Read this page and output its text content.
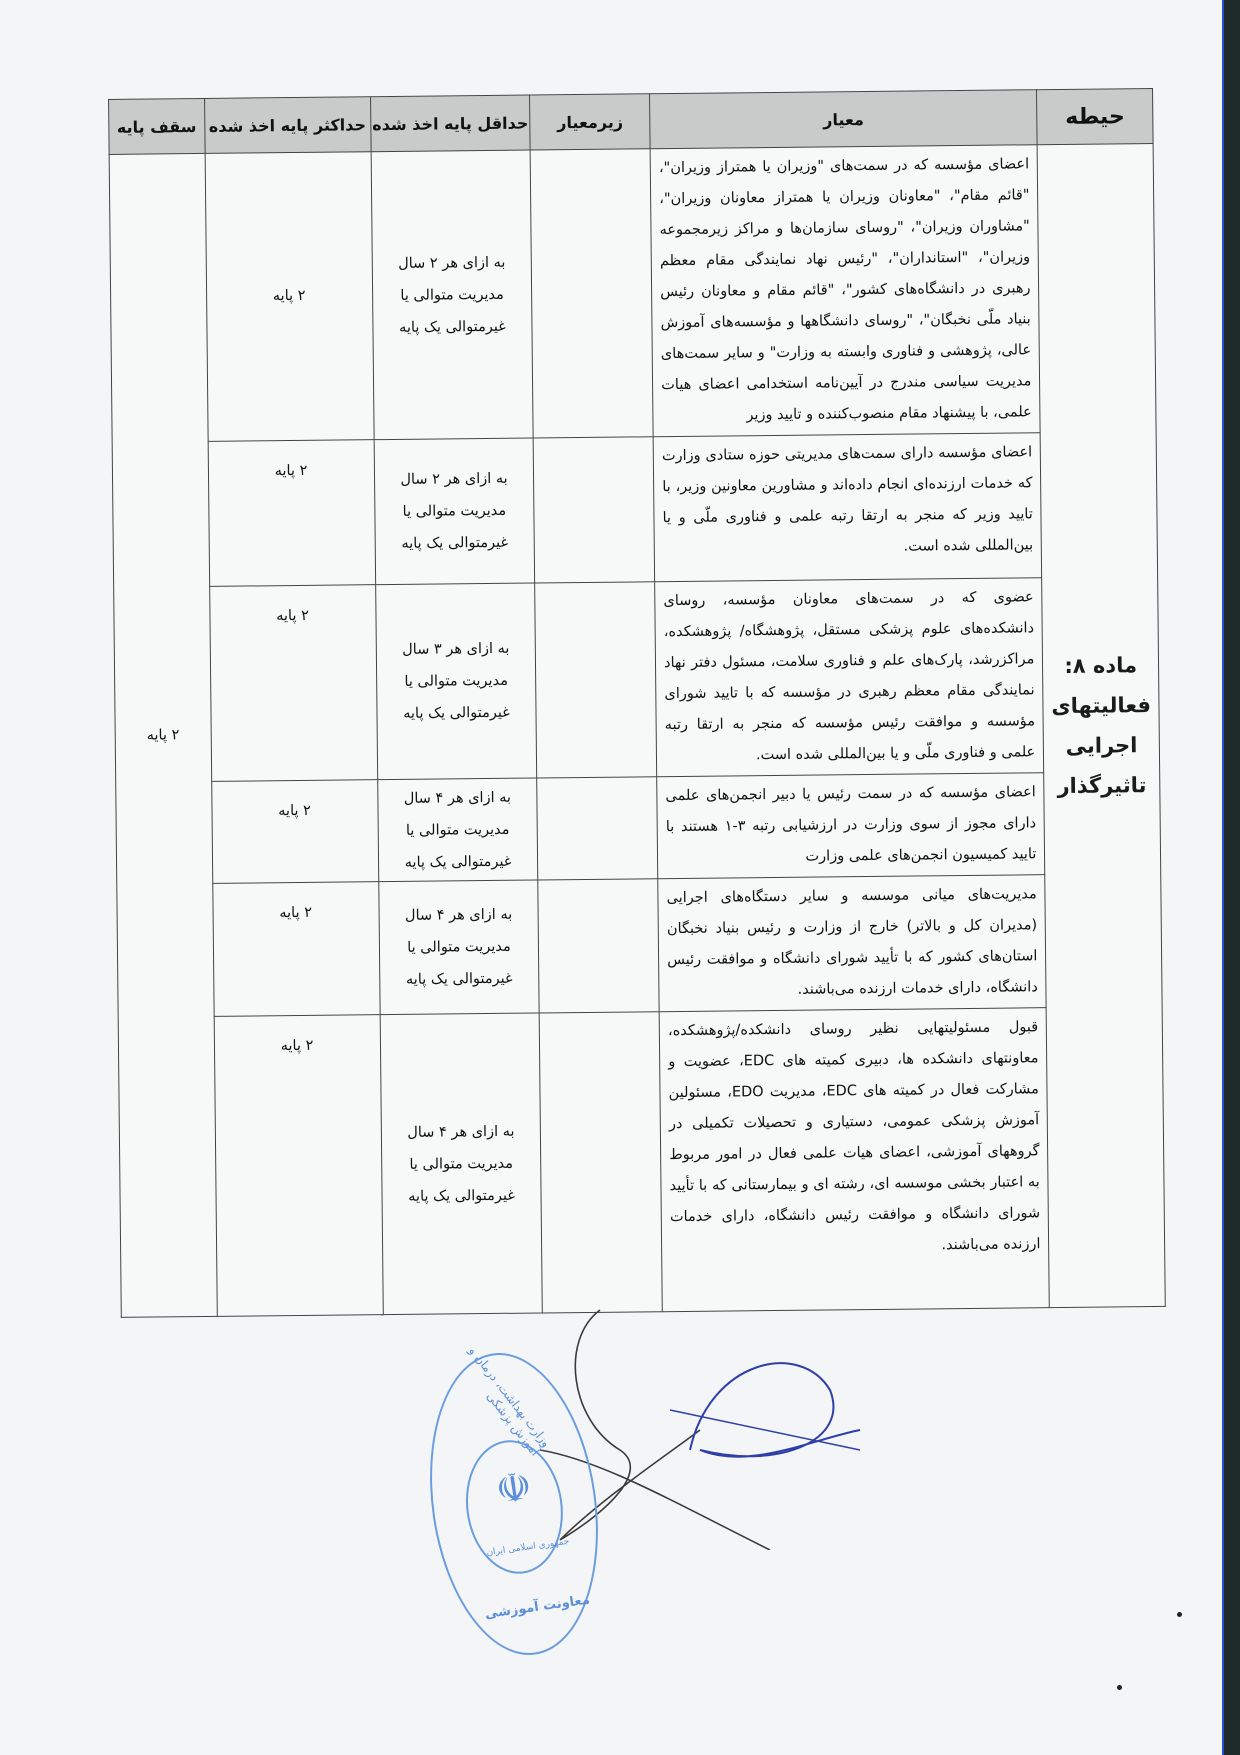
حیطه	معیار	زیرمعیار	حداقل پایه اخذ شده	حداکثر پایه اخذ شده	سقف پایه
ماده ۸: فعالیتهای اجرایی تاثیرگذار	اعضای مؤسسه که در سمت‌های "وزیران یا همتراز وزیران"، "قائم مقام"، "معاونان وزیران یا همتراز معاونان وزیران"، "مشاوران وزیران"، "روسای سازمان‌ها و مراکز زیرمجموعه وزیران"، "استانداران"، "رئیس نهاد نمایندگی مقام معظم رهبری در دانشگاه‌های کشور"، "قائم مقام و معاونان رئیس بنیاد ملّی نخبگان"، "روسای دانشگاهها و مؤسسه‌های آموزش عالی، پژوهشی و فناوری وابسته به وزارت" و سایر سمت‌های مدیریت سیاسی مندرج در آیین‌نامه استخدامی اعضای هیات علمی، با پیشنهاد مقام منصوب‌کننده و تایید وزیر		به ازای هر ۲ سال مدیریت متوالی یا غیرمتوالی یک پایه	۲ پایه	۲ پایه
	اعضای مؤسسه دارای سمت‌های مدیریتی حوزه ستادی وزارت که خدمات ارزنده‌ای انجام داده‌اند و مشاورین معاونین وزیر، با تایید وزیر که منجر به ارتقا رتبه علمی و فناوری ملّی و یا بین‌المللی شده است.		به ازای هر ۲ سال مدیریت متوالی یا غیرمتوالی یک پایه	۲ پایه	

	عضوی که در سمت‌های معاونان مؤسسه، روسای دانشکده‌های علوم پزشکی مستقل، پژوهشگاه/ پژوهشکده، مراکزرشد، پارک‌های علم و فناوری سلامت، مسئول دفتر نهاد نمایندگی مقام معظم رهبری در مؤسسه که با تایید شورای مؤسسه و موافقت رئیس مؤسسه که منجر به ارتقا رتبه علمی و فناوری ملّی و یا بین‌المللی شده است.		به ازای هر ۳ سال مدیریت متوالی یا غیرمتوالی یک پایه	۲ پایه	

	اعضای مؤسسه که در سمت رئیس یا دبیر انجمن‌های علمی دارای مجوز از سوی وزارت در ارزشیابی رتبه ۳-۱ هستند با تایید کمیسیون انجمن‌های علمی وزارت		به ازای هر ۴ سال مدیریت متوالی یا غیرمتوالی یک پایه	۲ پایه	

	مدیریت‌های میانی موسسه و سایر دستگاه‌های اجرایی (مدیران کل و بالاتر) خارج از وزارت و رئیس بنیاد نخبگان استان‌های کشور که با تأیید شورای دانشگاه و موافقت رئیس دانشگاه، دارای خدمات ارزنده می‌باشند.		به ازای هر ۴ سال مدیریت متوالی یا غیرمتوالی یک پایه	۲ پایه	

	قبول مسئولیتهایی نظیر روسای دانشکده/پژوهشکده، معاونتهای دانشکده ها، دبیری کمیته های EDC، عضویت و مشارکت فعال در کمیته های EDC، مدیریت EDO، مسئولین آموزش پزشکی عمومی، دستیاری و تحصیلات تکمیلی در گروههای آموزشی، اعضای هیات علمی فعال در امور مربوط به اعتبار بخشی موسسه ای، رشته ای و بیمارستانی که با تأیید شورای دانشگاه و موافقت رئیس دانشگاه، دارای خدمات ارزنده می‌باشند.		به ازای هر ۴ سال مدیریت متوالی یا غیرمتوالی یک پایه	۲ پایه	
وزارت بهداشت، درمان و آموزش پزشکی
☫
جمهوری اسلامی ایران
معاونت آموزشی
